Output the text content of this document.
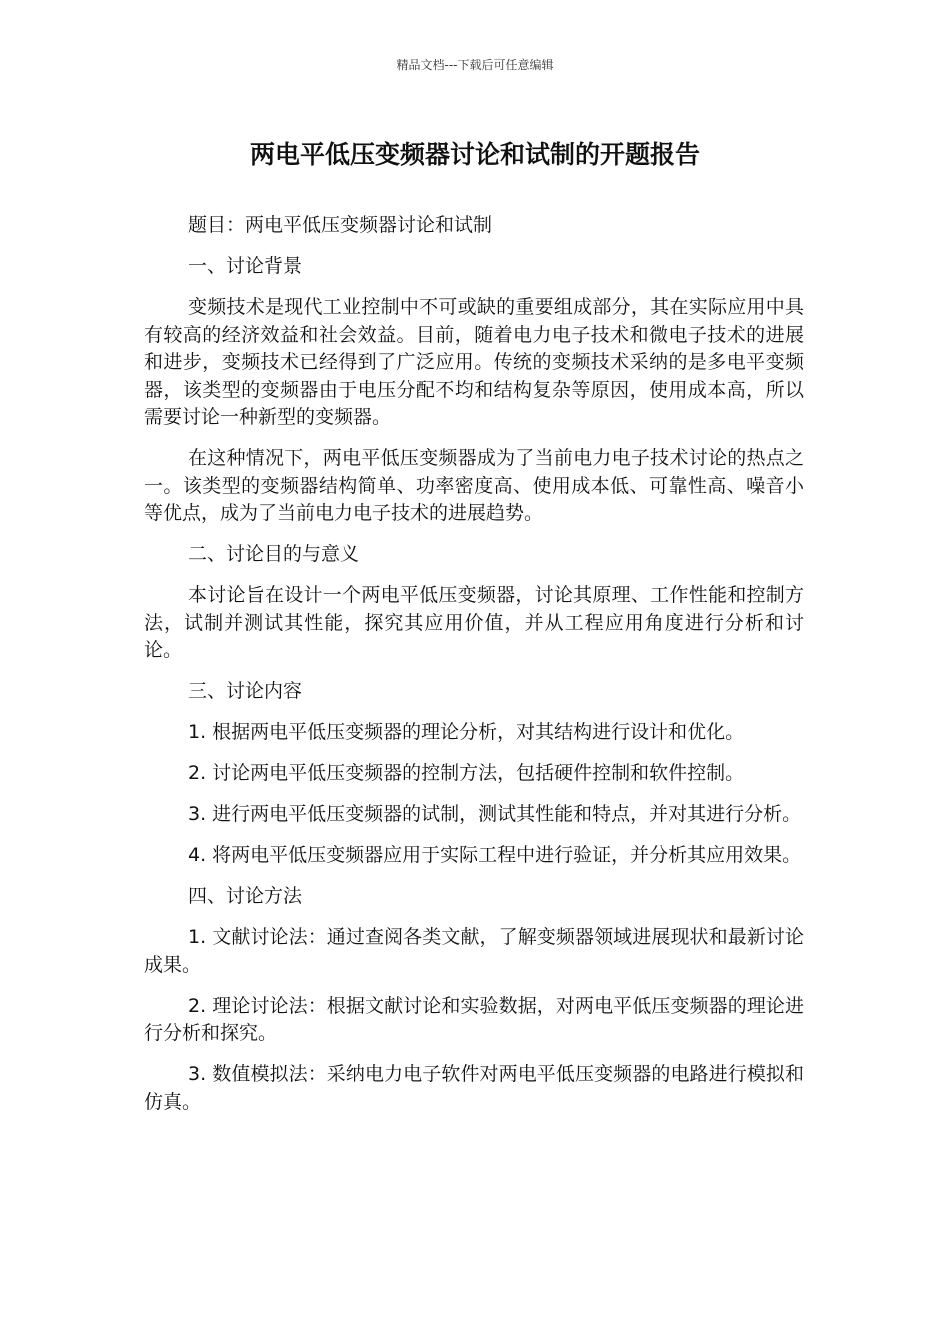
精品文档---下载后可任意编辑
两电平低压变频器讨论和试制的开题报告

题目：两电平低压变频器讨论和试制

一、讨论背景

变频技术是现代工业控制中不可或缺的重要组成部分，其在实际应用中具有较高的经济效益和社会效益。目前，随着电力电子技术和微电子技术的进展和进步，变频技术已经得到了广泛应用。传统的变频技术采纳的是多电平变频器，该类型的变频器由于电压分配不均和结构复杂等原因，使用成本高，所以需要讨论一种新型的变频器。

在这种情况下，两电平低压变频器成为了当前电力电子技术讨论的热点之一。该类型的变频器结构简单、功率密度高、使用成本低、可靠性高、噪音小等优点，成为了当前电力电子技术的进展趋势。

二、讨论目的与意义

本讨论旨在设计一个两电平低压变频器，讨论其原理、工作性能和控制方法，试制并测试其性能，探究其应用价值，并从工程应用角度进行分析和讨论。

三、讨论内容

1. 根据两电平低压变频器的理论分析，对其结构进行设计和优化。

2. 讨论两电平低压变频器的控制方法，包括硬件控制和软件控制。

3. 进行两电平低压变频器的试制，测试其性能和特点，并对其进行分析。

4. 将两电平低压变频器应用于实际工程中进行验证，并分析其应用效果。

四、讨论方法

1. 文献讨论法：通过查阅各类文献，了解变频器领域进展现状和最新讨论成果。

2. 理论讨论法：根据文献讨论和实验数据，对两电平低压变频器的理论进行分析和探究。

3. 数值模拟法：采纳电力电子软件对两电平低压变频器的电路进行模拟和仿真。
